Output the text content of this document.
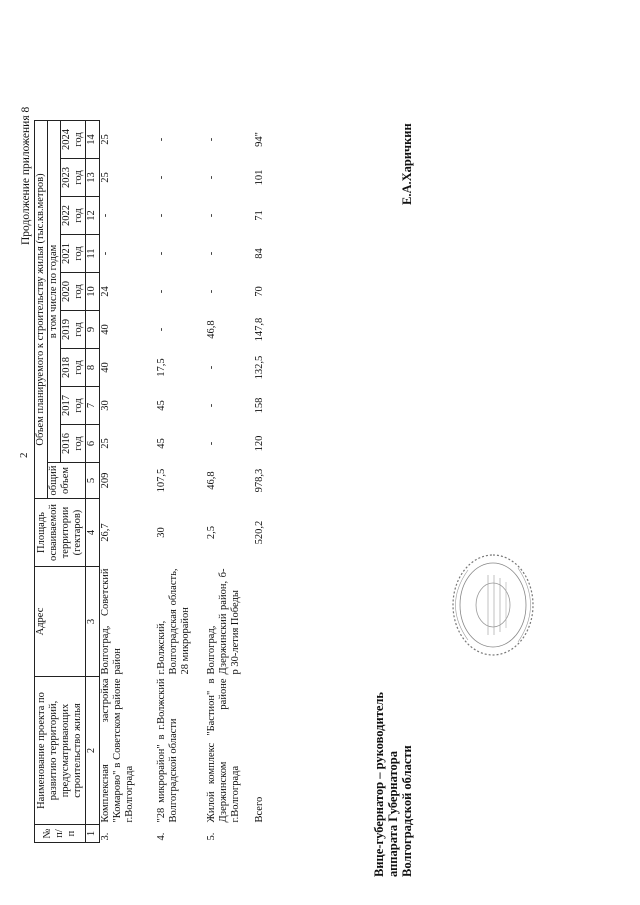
2
Продолжение приложения 8
№
п/п	Наименование проекта по развитию территорий, предусматривающих строительство жилья	Адрес	Площадь осваиваемой территории (гектаров)	Объем планируемого к строительству жилья (тыс.кв.метров)									
				общий объем	в том числе по годам								
					2016 год	2017 год	2018 год	2019 год	2020 год	2021 год	2022 год	2023 год	2024 год

1	2	3	4	5	6	7	8	9	10	11	12	13	14
3.	Комплексная застройка "Комарово" в Советском районе г.Волгограда	Волгоград, Советский район	26,7	209	25	30	40	40	24	-	-	25	25
4.	"28 микрорайон" в г.Волжский Волгоградской области	г.Волжский, Волгоградская область, 28 микрорайон	30	107,5	45	45	17,5	-	-	-	-	-	-
5.	Жилой комплекс "Бастион" в Дзержинском районе г.Волгограда	Волгоград, Дзержинский район, б-р 30-летия Победы	2,5	46,8	-	-	-	46,8	-	-	-	-	-
	Всего		520,2	978,3	120	158	132,5	147,8	70	84	71	101	94"
Вице-губернатор – руководитель аппарата Губернатора Волгоградской области
Е.А.Харичкин
